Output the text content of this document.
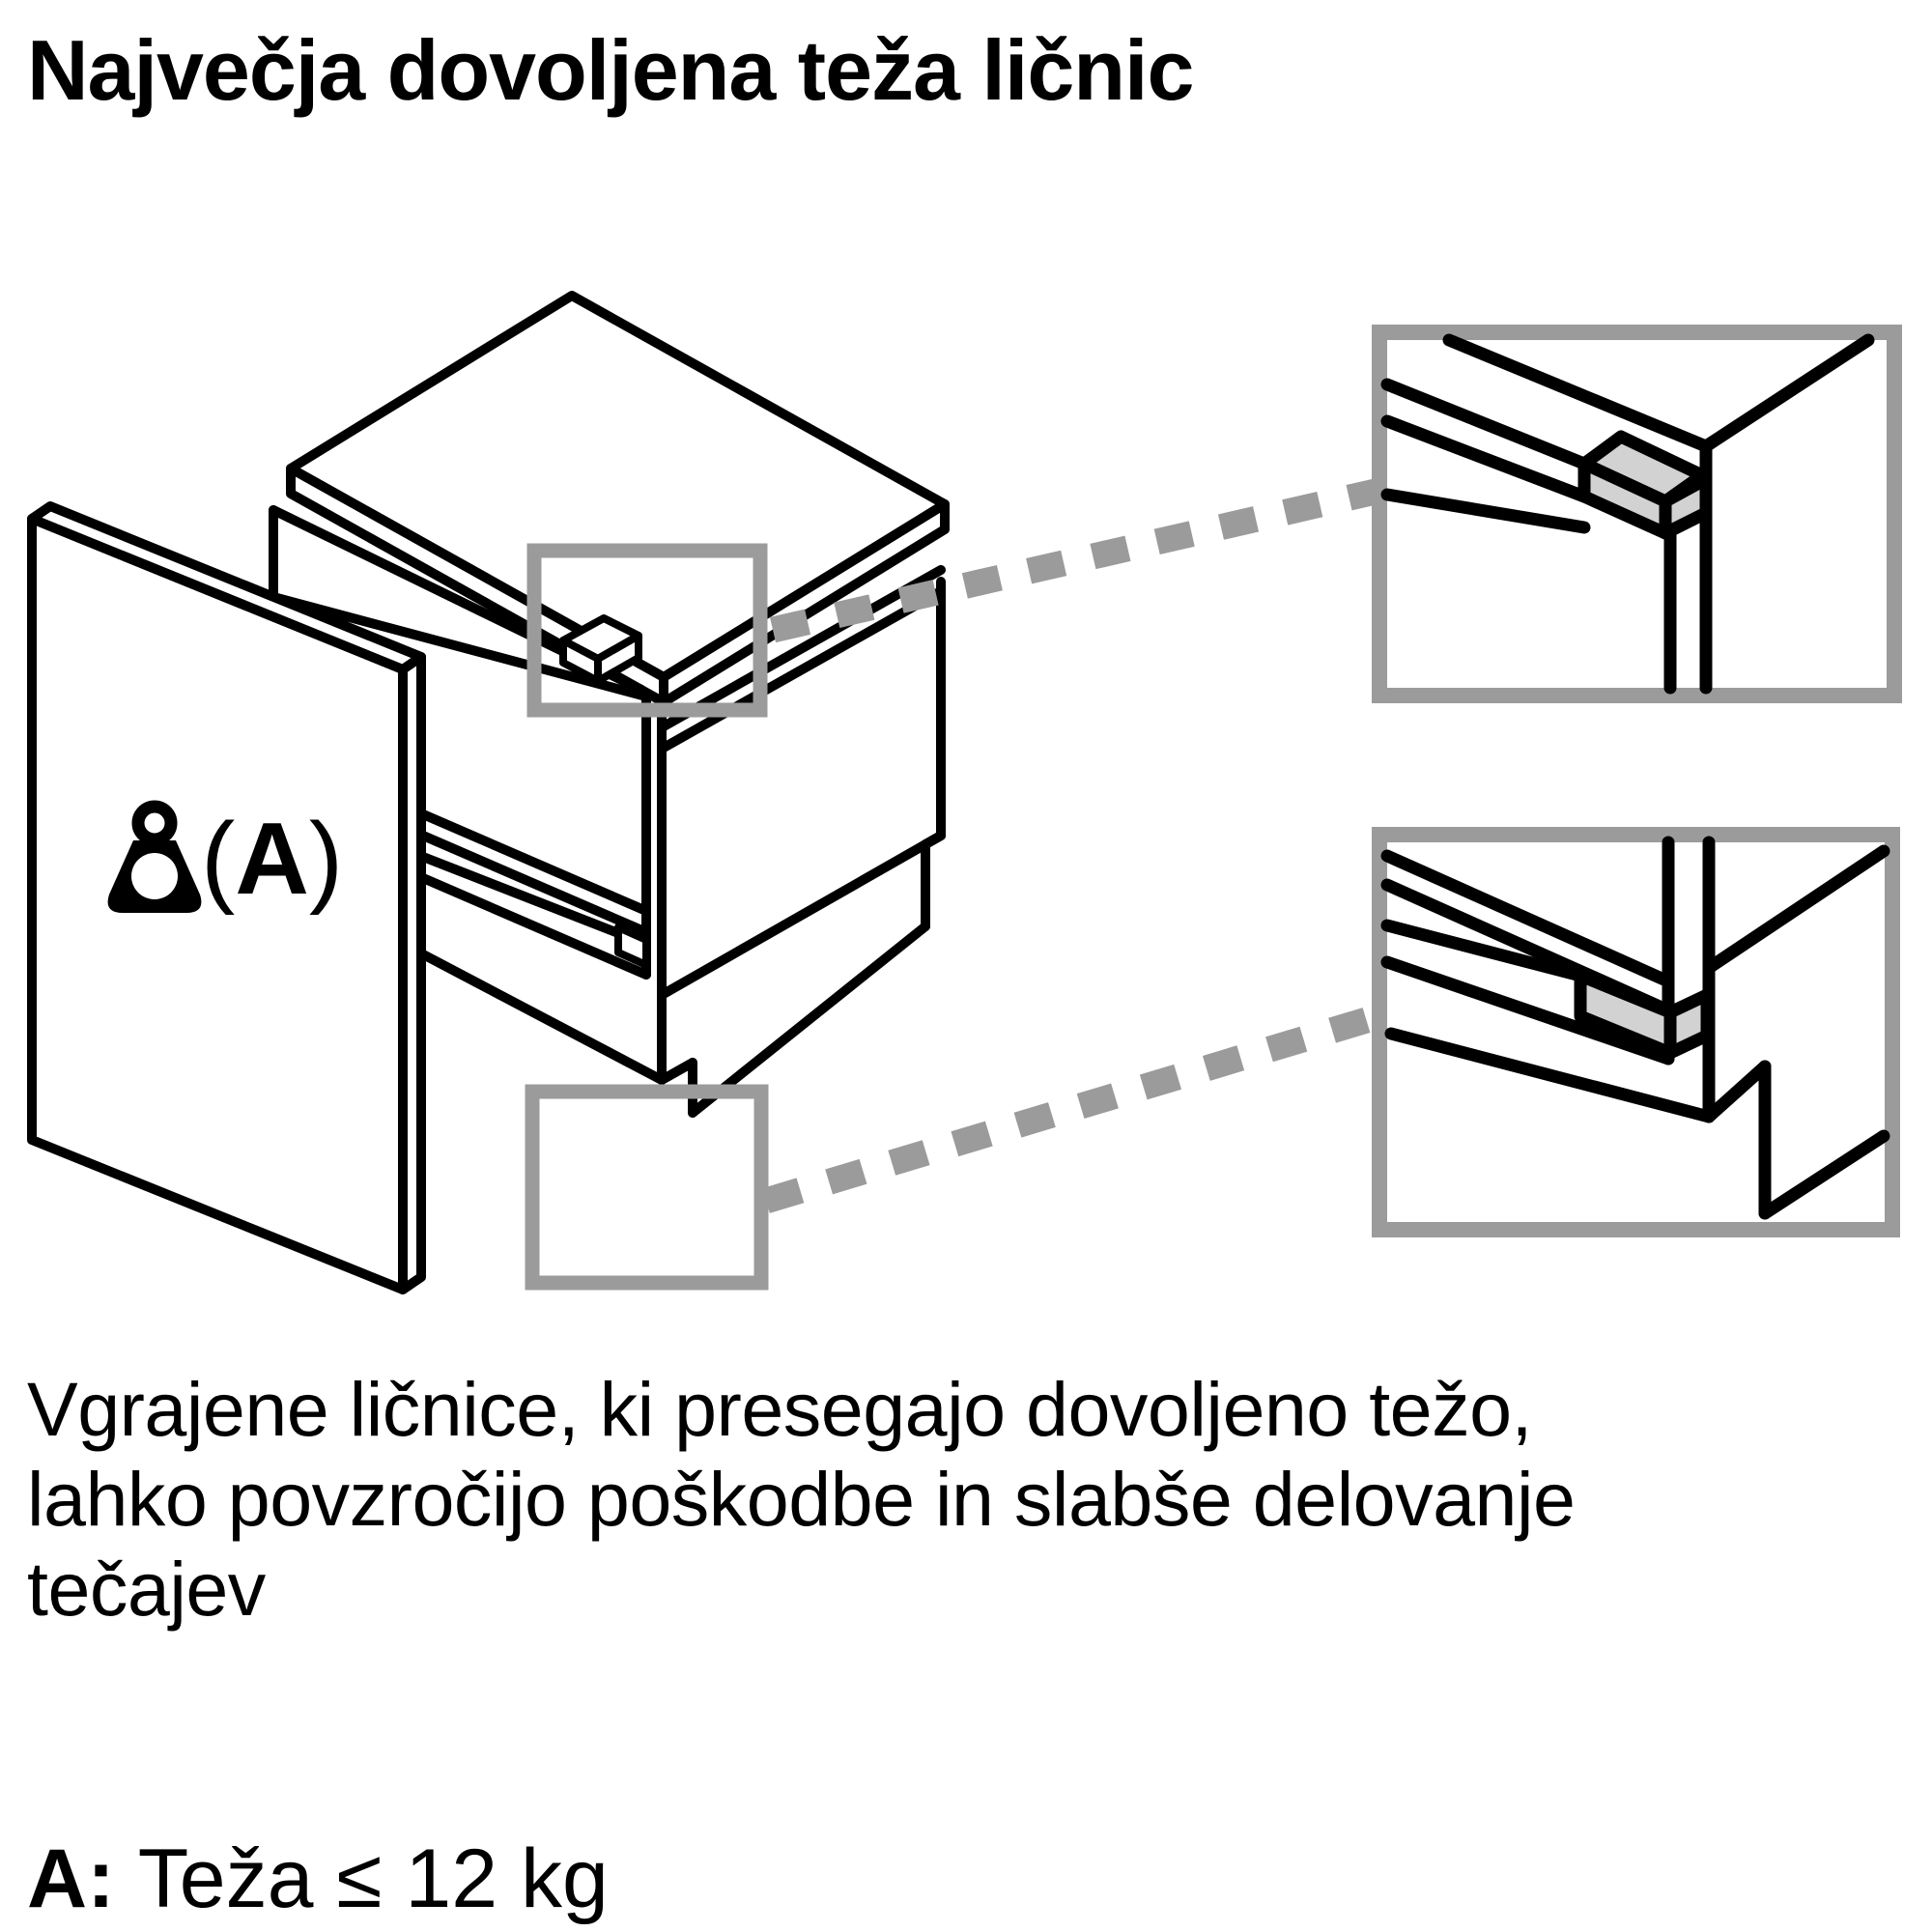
Največja dovoljena teža ličnic
(A)
Vgrajene ličnice, ki presegajo dovoljeno težo,
lahko povzročijo poškodbe in slabše delovanje
tečajev
A: Teža ≤ 12 kg
